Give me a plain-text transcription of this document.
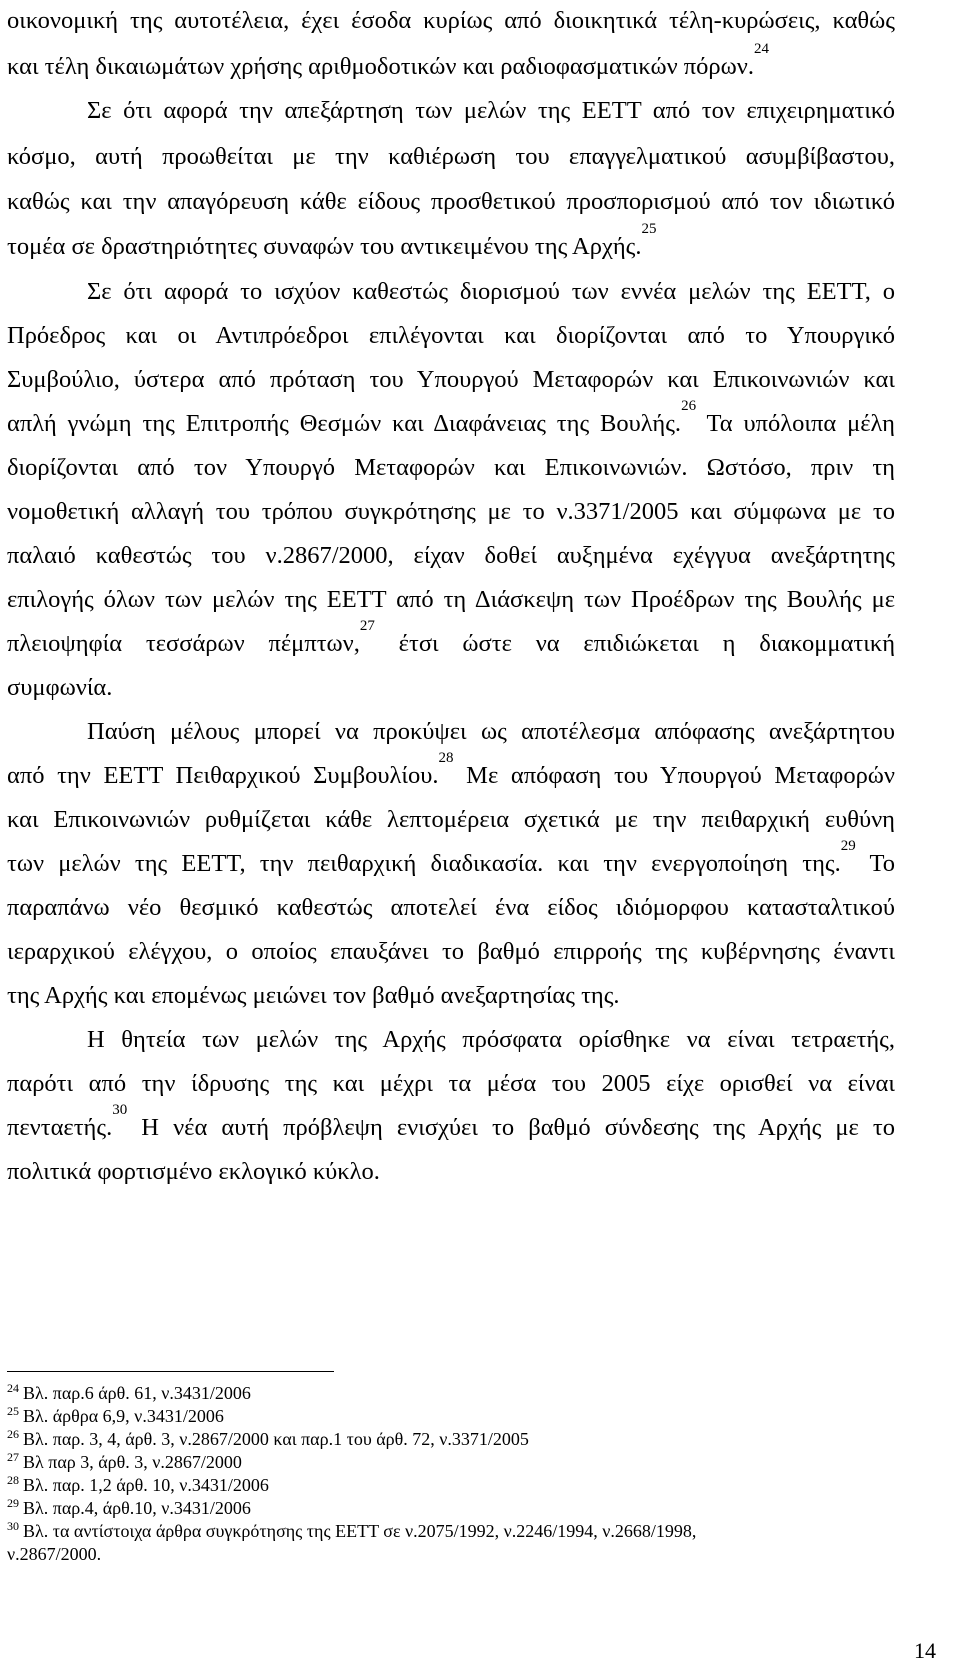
οικονομική της αυτοτέλεια, έχει έσοδα κυρίως από διοικητικά τέλη-κυρώσεις, καθώς
και τέλη δικαιωμάτων χρήσης αριθμοδοτικών και ραδιοφασματικών πόρων.$^{24}$
Σε ότι αφορά την απεξάρτηση των μελών της ΕΕΤΤ από τον επιχειρηματικό
κόσμο, αυτή προωθείται με την καθιέρωση του επαγγελματικού ασυμβίβαστου,
καθώς και την απαγόρευση κάθε είδους προσθετικού προσπορισμού από τον ιδιωτικό
τομέα σε δραστηριότητες συναφών του αντικειμένου της Αρχής.$^{25}$
Σε ότι αφορά το ισχύον καθεστώς διορισμού των εννέα μελών της ΕΕΤΤ, ο
Πρόεδρος και οι Αντιπρόεδροι επιλέγονται και διορίζονται από το Υπουργικό
Συμβούλιο, ύστερα από πρόταση του Υπουργού Μεταφορών και Επικοινωνιών και
απλή γνώμη της Επιτροπής Θεσμών και Διαφάνειας της Βουλής.$^{26}$ Τα υπόλοιπα μέλη
διορίζονται από τον Υπουργό Μεταφορών και Επικοινωνιών. Ωστόσο, πριν τη
νομοθετική αλλαγή του τρόπου συγκρότησης με το ν.3371/2005 και σύμφωνα με το
παλαιό καθεστώς του ν.2867/2000, είχαν δοθεί αυξημένα εχέγγυα ανεξάρτητης
επιλογής όλων των μελών της ΕΕΤΤ από τη Διάσκεψη των Προέδρων της Βουλής με
πλειοψηφία τεσσάρων πέμπτων,$^{27}$ έτσι ώστε να επιδιώκεται η διακομματική
συμφωνία.
Παύση μέλους μπορεί να προκύψει ως αποτέλεσμα απόφασης ανεξάρτητου
από την ΕΕΤΤ Πειθαρχικού Συμβουλίου.$^{28}$ Με απόφαση του Υπουργού Μεταφορών
και Επικοινωνιών ρυθμίζεται κάθε λεπτομέρεια σχετικά με την πειθαρχική ευθύνη
των μελών της ΕΕΤΤ, την πειθαρχική διαδικασία. και την ενεργοποίηση της.$^{29}$ Το
παραπάνω νέο θεσμικό καθεστώς αποτελεί ένα είδος ιδιόμορφου κατασταλτικού
ιεραρχικού ελέγχου, ο οποίος επαυξάνει το βαθμό επιρροής της κυβέρνησης έναντι
της Αρχής και επομένως μειώνει τον βαθμό ανεξαρτησίας της.
Η θητεία των μελών της Αρχής πρόσφατα ορίσθηκε να είναι τετραετής,
παρότι από την ίδρυσης της και μέχρι τα μέσα του 2005 είχε ορισθεί να είναι
πενταετής.$^{30}$ Η νέα αυτή πρόβλεψη ενισχύει το βαθμό σύνδεσης της Αρχής με το
πολιτικά φορτισμένο εκλογικό κύκλο.
$^{24}$ Βλ. παρ.6 άρθ. 61, ν.3431/2006
$^{25}$ Βλ. άρθρα 6,9, ν.3431/2006
$^{26}$ Βλ. παρ. 3, 4, άρθ. 3, ν.2867/2000 και παρ.1 του άρθ. 72, ν.3371/2005
$^{27}$ Βλ παρ 3, άρθ. 3, ν.2867/2000
$^{28}$ Βλ. παρ. 1,2 άρθ. 10, ν.3431/2006
$^{29}$ Βλ. παρ.4, άρθ.10, ν.3431/2006
$^{30}$ Βλ. τα αντίστοιχα άρθρα συγκρότησης της ΕΕΤΤ σε ν.2075/1992, ν.2246/1994, ν.2668/1998,
ν.2867/2000.
14
